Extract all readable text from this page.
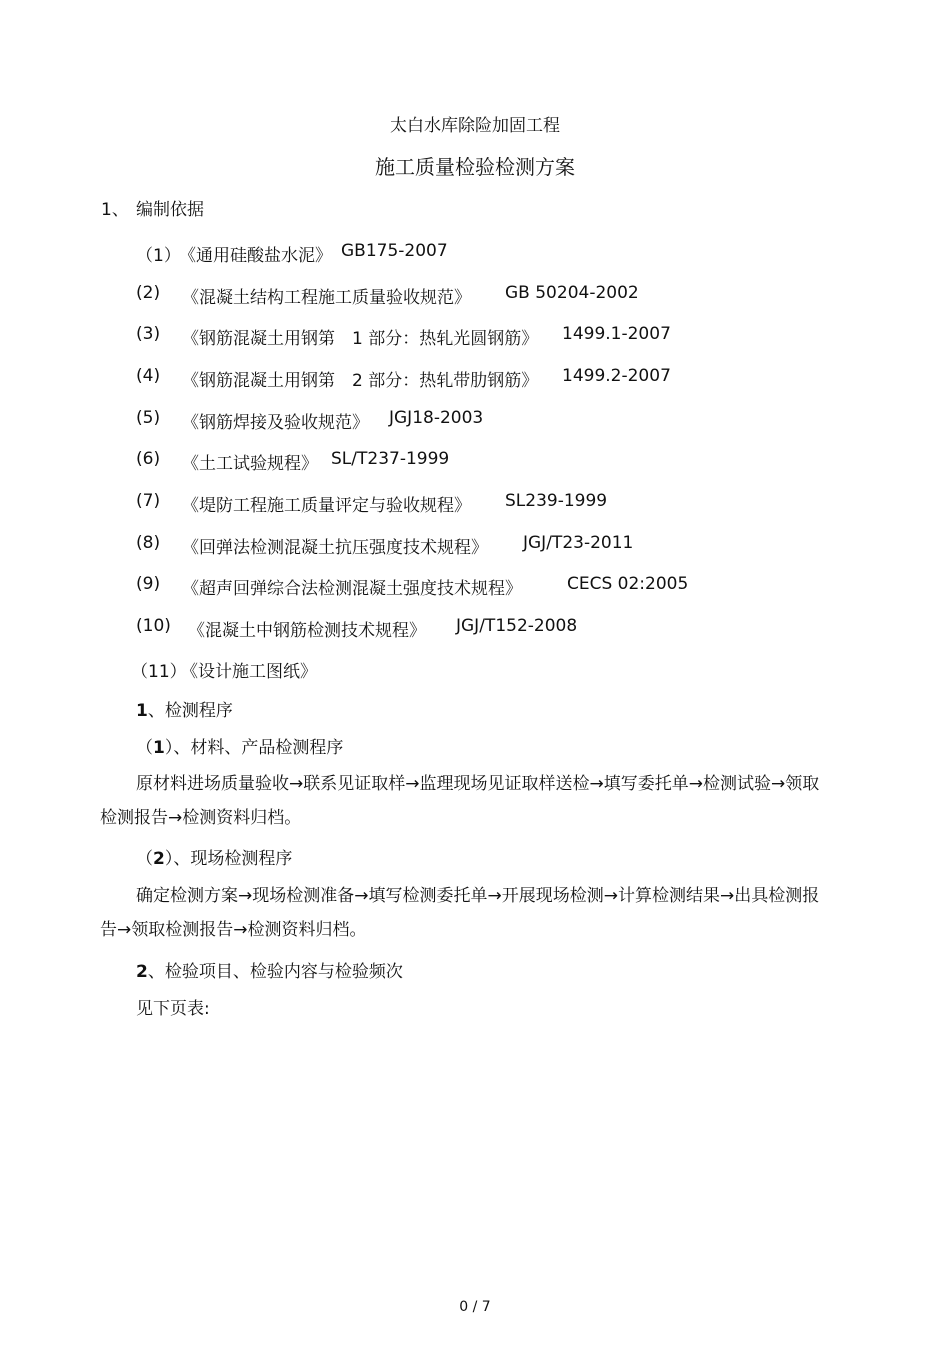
太白水库除险加固工程
施工质量检验检测方案
1、 编制依据
（1）
《通用硅酸盐水泥》 GB175-2007
(2) 《混凝土结构工程施工质量验收规范》 GB 50204-2002
(3) 《钢筋混凝土用钢第　1 部分：热轧光圆钢筋》 1499.1-2007
(4) 《钢筋混凝土用钢第　2 部分：热轧带肋钢筋》 1499.2-2007
(5) 《钢筋焊接及验收规范》 JGJ18-2003
(6) 《土工试验规程》 SL/T237-1999
(7) 《堤防工程施工质量评定与验收规程》 SL239-1999
(8) 《回弹法检测混凝土抗压强度技术规程》 JGJ/T23-2011
(9) 《超声回弹综合法检测混凝土强度技术规程》	CECS 02:2005
(10) 《混凝土中钢筋检测技术规程》 JGJ/T152-2008
（11）
《设计施工图纸》
1、检测程序
（1）、材料、产品检测程序
原材料进场质量验收→联系见证取样→监理现场见证取样送检→填写委托单→检测试验→领取检测报告→检测资料归档。
（2）、现场检测程序
确定检测方案→现场检测准备→填写检测委托单→开展现场检测→计算检测结果→出具检测报告→领取检测报告→检测资料归档。
2、检验项目、检验内容与检验频次
见下页表:
0 / 7
